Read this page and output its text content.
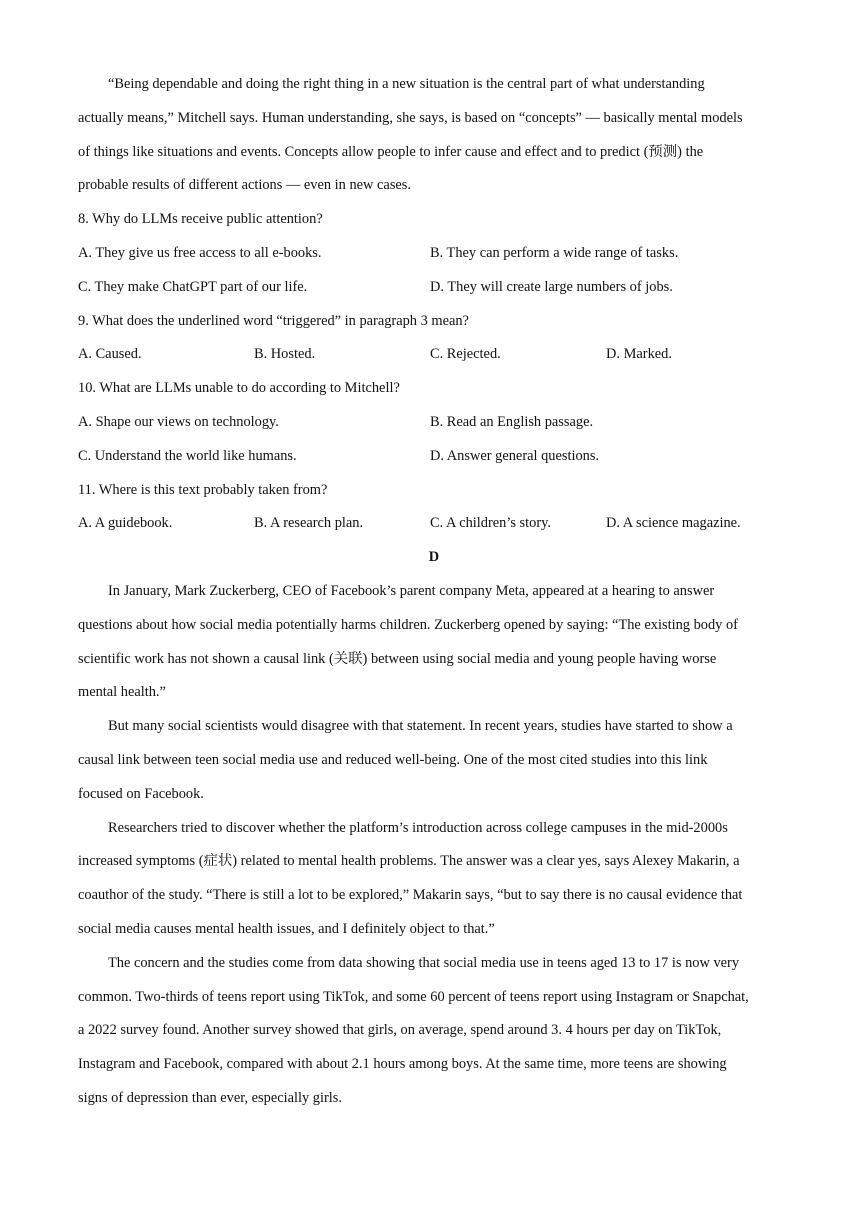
“Being dependable and doing the right thing in a new situation is the central part of what understanding
actually means,” Mitchell says. Human understanding, she says, is based on “concepts” — basically mental models
of things like situations and events. Concepts allow people to infer cause and effect and to predict (预测) the
probable results of different actions — even in new cases.
8. Why do LLMs receive public attention?
A. They give us free access to all e-books.	B. They can perform a wide range of tasks.
C. They make ChatGPT part of our life.	D. They will create large numbers of jobs.
9. What does the underlined word “triggered” in paragraph 3 mean?
A. Caused.	B. Hosted.	C. Rejected.	D. Marked.
10. What are LLMs unable to do according to Mitchell?
A. Shape our views on technology.	B. Read an English passage.
C. Understand the world like humans.	D. Answer general questions.
11. Where is this text probably taken from?
A. A guidebook.	B. A research plan.	C. A children’s story.	D. A science magazine.
D
In January, Mark Zuckerberg, CEO of Facebook’s parent company Meta, appeared at a hearing to answer
questions about how social media potentially harms children. Zuckerberg opened by saying: “The existing body of
scientific work has not shown a causal link (关联) between using social media and young people having worse
mental health.”
But many social scientists would disagree with that statement. In recent years, studies have started to show a
causal link between teen social media use and reduced well-being. One of the most cited studies into this link
focused on Facebook.
Researchers tried to discover whether the platform’s introduction across college campuses in the mid-2000s
increased symptoms (症状) related to mental health problems. The answer was a clear yes, says Alexey Makarin, a
coauthor of the study. “There is still a lot to be explored,” Makarin says, “but to say there is no causal evidence that
social media causes mental health issues, and I definitely object to that.”
The concern and the studies come from data showing that social media use in teens aged 13 to 17 is now very
common. Two-thirds of teens report using TikTok, and some 60 percent of teens report using Instagram or Snapchat,
a 2022 survey found. Another survey showed that girls, on average, spend around 3. 4 hours per day on TikTok,
Instagram and Facebook, compared with about 2.1 hours among boys. At the same time, more teens are showing
signs of depression than ever, especially girls.
